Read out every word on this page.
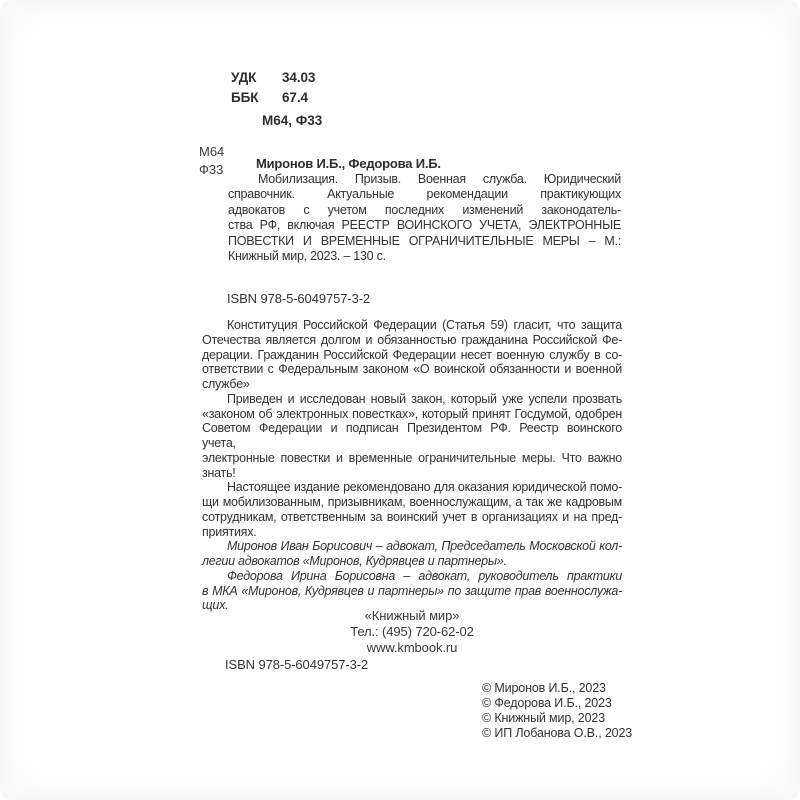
УДК 34.03
ББК 67.4
М64, Ф33
М64
Ф33	Миронов И.Б., Федорова И.Б.
Мобилизация. Призыв. Военная служба. Юридический
справочник. Актуальные рекомендации практикующих
адвокатов с учетом последних изменений законодатель-
ства РФ, включая РЕЕСТР ВОИНСКОГО УЧЕТА, ЭЛЕКТРОННЫЕ
ПОВЕСТКИ И ВРЕМЕННЫЕ ОГРАНИЧИТЕЛЬНЫЕ МЕРЫ – М.:
Книжный мир, 2023. – 130 с.
ISBN 978-5-6049757-3-2
Конституция Российской Федерации (Статья 59) гласит, что защита
Отечества является долгом и обязанностью гражданина Российской Фе-
дерации. Гражданин Российской Федерации несет военную службу в со-
ответствии с Федеральным законом «О воинской обязанности и военной
службе»
Приведен и исследован новый закон, который уже успели прозвать
«законом об электронных повестках», который принят Госдумой, одобрен
Советом Федерации и подписан Президентом РФ. Реестр воинского учета,
электронные повестки и временные ограничительные меры. Что важно
знать!
Настоящее издание рекомендовано для оказания юридической помо-
щи мобилизованным, призывникам, военнослужащим, а так же кадровым
сотрудникам, ответственным за воинский учет в организациях и на пред-
приятиях.
Миронов Иван Борисович – адвокат, Председатель Московской кол-
легии адвокатов «Миронов, Кудрявцев и партнеры».
Федорова Ирина Борисовна – адвокат, руководитель практики
в МКА «Миронов, Кудрявцев и партнеры» по защите прав военнослужа-
щих.
«Книжный мир»
Тел.: (495) 720-62-02
www.kmbook.ru
ISBN 978-5-6049757-3-2
© Миронов И.Б., 2023
© Федорова И.Б., 2023
© Книжный мир, 2023
© ИП Лобанова О.В., 2023
